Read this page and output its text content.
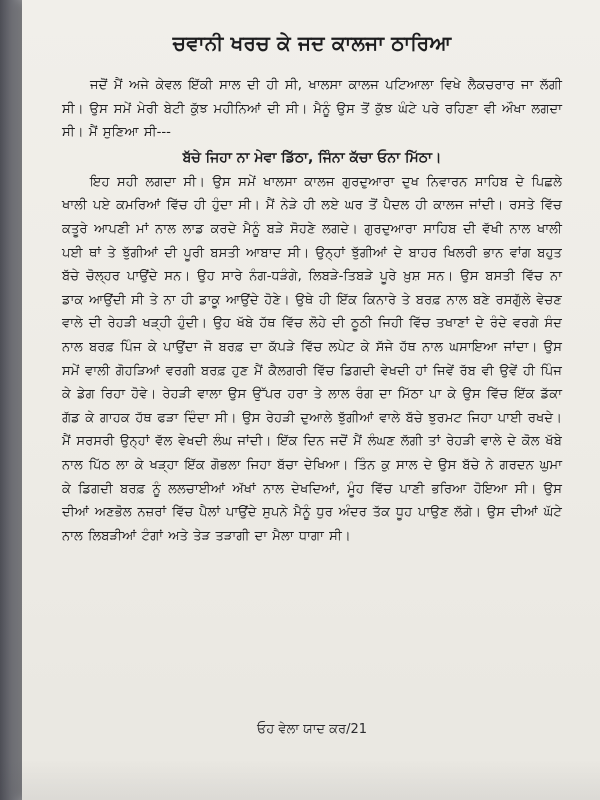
ਚਵਾਨੀ ਖਰਚ ਕੇ ਜਦ ਕਾਲਜਾ ਠਾਰਿਆ

ਜਦੋਂ ਮੈਂ ਅਜੇ ਕੇਵਲ ਇੱਕੀ ਸਾਲ ਦੀ ਹੀ ਸੀ, ਖਾਲਸਾ ਕਾਲਜ ਪਟਿਆਲਾ ਵਿਖੇ ਲੈਕਚਰਾਰ ਜਾ ਲੱਗੀ ਸੀ। ਉਸ ਸਮੇਂ ਮੇਰੀ ਬੇਟੀ ਕੁੱਝ ਮਹੀਨਿਆਂ ਦੀ ਸੀ। ਮੈਨੂੰ ਉਸ ਤੋਂ ਕੁੱਝ ਘੰਟੇ ਪਰੇ ਰਹਿਣਾ ਵੀ ਔਖਾ ਲਗਦਾ ਸੀ। ਮੈਂ ਸੁਣਿਆ ਸੀ---

ਬੱਚੇ ਜਿਹਾ ਨਾ ਮੇਵਾ ਡਿੱਠਾ, ਜਿੰਨਾ ਕੱਚਾ ਓਨਾ ਮਿੱਠਾ।

ਇਹ ਸਹੀ ਲਗਦਾ ਸੀ। ਉਸ ਸਮੇਂ ਖਾਲਸਾ ਕਾਲਜ ਗੁਰਦੁਆਰਾ ਦੁਖ ਨਿਵਾਰਨ ਸਾਹਿਬ ਦੇ ਪਿਛਲੇ ਖਾਲੀ ਪਏ ਕਮਰਿਆਂ ਵਿੱਚ ਹੀ ਹੁੰਦਾ ਸੀ। ਮੈਂ ਨੇੜੇ ਹੀ ਲਏ ਘਰ ਤੋਂ ਪੈਦਲ ਹੀ ਕਾਲਜ ਜਾਂਦੀ। ਰਸਤੇ ਵਿੱਚ ਕਤੂਰੇ ਆਪਣੀ ਮਾਂ ਨਾਲ ਲਾਡ ਕਰਦੇ ਮੈਨੂੰ ਬੜੇ ਸੋਹਣੇ ਲਗਦੇ। ਗੁਰਦੁਆਰਾ ਸਾਹਿਬ ਦੀ ਵੱਖੀ ਨਾਲ ਖਾਲੀ ਪਈ ਥਾਂ ਤੇ ਝੁੱਗੀਆਂ ਦੀ ਪੂਰੀ ਬਸਤੀ ਆਬਾਦ ਸੀ। ਉਨ੍ਹਾਂ ਝੁੱਗੀਆਂ ਦੇ ਬਾਹਰ ਖਿਲਰੀ ਭਾਨ ਵਾਂਗ ਬਹੁਤ ਬੱਚੇ ਚੋਲ੍ਹਰ ਪਾਉਂਦੇ ਸਨ। ਉਹ ਸਾਰੇ ਨੰਗ-ਧੜੰਗੇ, ਲਿਬੜੇ-ਤਿਬੜੇ ਪੂਰੇ ਖ਼ੁਸ਼ ਸਨ। ਉਸ ਬਸਤੀ ਵਿੱਚ ਨਾ ਡਾਕ ਆਉਂਦੀ ਸੀ ਤੇ ਨਾ ਹੀ ਡਾਕੂ ਆਉਂਦੇ ਹੋਣੇ। ਉਥੇ ਹੀ ਇੱਕ ਕਿਨਾਰੇ ਤੇ ਬਰਫ਼ ਨਾਲ ਬਣੇ ਰਸਗੁੱਲੇ ਵੇਚਣ ਵਾਲੇ ਦੀ ਰੇਹੜੀ ਖੜ੍ਹੀ ਹੁੰਦੀ। ਉਹ ਖੱਬੇ ਹੱਥ ਵਿੱਚ ਲੋਹੇ ਦੀ ਠੂਠੀ ਜਿਹੀ ਵਿੱਚ ਤਖਾਣਾਂ ਦੇ ਰੰਦੇ ਵਰਗੇ ਸੰਦ ਨਾਲ ਬਰਫ਼ ਪਿੰਜ ਕੇ ਪਾਉਂਦਾ ਜੋ ਬਰਫ਼ ਦਾ ਕੱਪੜੇ ਵਿੱਚ ਲਪੇਟ ਕੇ ਸੱਜੇ ਹੱਥ ਨਾਲ ਘਸਾਇਆ ਜਾਂਦਾ। ਉਸ ਸਮੇਂ ਵਾਲੀ ਗੋਹੜਿਆਂ ਵਰਗੀ ਬਰਫ਼ ਹੁਣ ਮੈਂ ਕੈਲਗਰੀ ਵਿੱਚ ਡਿਗਦੀ ਵੇਖਦੀ ਹਾਂ ਜਿਵੇਂ ਰੱਬ ਵੀ ਉਵੇਂ ਹੀ ਪਿੰਜ ਕੇ ਡੇਗ ਰਿਹਾ ਹੋਵੇ। ਰੇਹੜੀ ਵਾਲਾ ਉਸ ਉੱਪਰ ਹਰਾ ਤੇ ਲਾਲ ਰੰਗ ਦਾ ਮਿੱਠਾ ਪਾ ਕੇ ਉਸ ਵਿੱਚ ਇੱਕ ਡੱਕਾ ਗੱਡ ਕੇ ਗਾਹਕ ਹੱਥ ਫੜਾ ਦਿੰਦਾ ਸੀ। ਉਸ ਰੇਹੜੀ ਦੁਆਲੇ ਝੁੱਗੀਆਂ ਵਾਲੇ ਬੱਚੇ ਝੁਰਮਟ ਜਿਹਾ ਪਾਈ ਰਖਦੇ। ਮੈਂ ਸਰਸਰੀ ਉਨ੍ਹਾਂ ਵੱਲ ਵੇਖਦੀ ਲੰਘ ਜਾਂਦੀ। ਇੱਕ ਦਿਨ ਜਦੋਂ ਮੈਂ ਲੰਘਣ ਲੱਗੀ ਤਾਂ ਰੇਹੜੀ ਵਾਲੇ ਦੇ ਕੋਲ ਖੱਬੇ ਨਾਲ ਪਿੱਠ ਲਾ ਕੇ ਖੜ੍ਹਾ ਇੱਕ ਗੋਭਲਾ ਜਿਹਾ ਬੱਚਾ ਦੇਖਿਆ। ਤਿੰਨ ਕੁ ਸਾਲ ਦੇ ਉਸ ਬੱਚੇ ਨੇ ਗਰਦਨ ਘੁਮਾ ਕੇ ਡਿਗਦੀ ਬਰਫ਼ ਨੂੰ ਲਲਚਾਈਆਂ ਅੱਖਾਂ ਨਾਲ ਦੇਖਦਿਆਂ, ਮੂੰਹ ਵਿੱਚ ਪਾਣੀ ਭਰਿਆ ਹੋਇਆ ਸੀ। ਉਸ ਦੀਆਂ ਅਣਭੋਲ ਨਜ਼ਰਾਂ ਵਿੱਚ ਪੈਲਾਂ ਪਾਉਂਦੇ ਸੁਪਨੇ ਮੈਨੂੰ ਧੁਰ ਅੰਦਰ ਤੱਕ ਧੂਹ ਪਾਉਣ ਲੱਗੇ। ਉਸ ਦੀਆਂ ਘੱਟੇ ਨਾਲ ਲਿਬੜੀਆਂ ਟੰਗਾਂ ਅਤੇ ਤੇੜ ਤੜਾਗੀ ਦਾ ਮੈਲਾ ਧਾਗਾ ਸੀ।

ਓਹ ਵੇਲਾ ਯਾਦ ਕਰ/21
